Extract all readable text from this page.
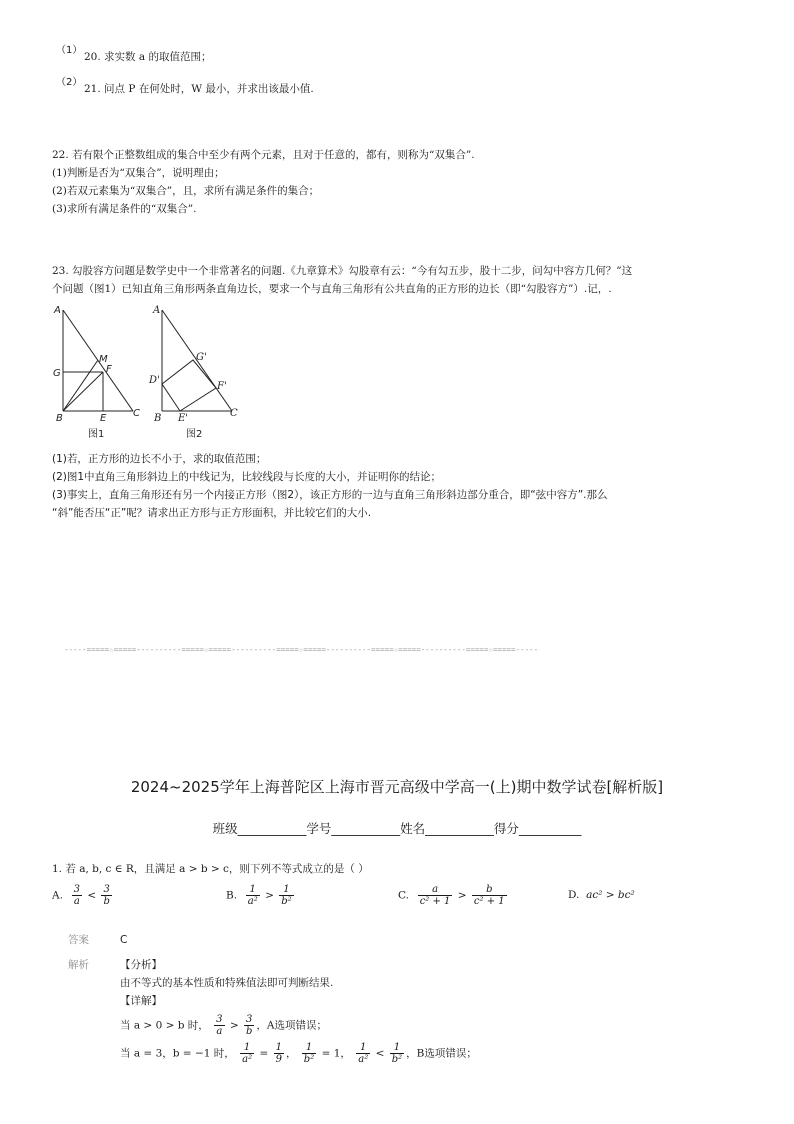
（1）
20. 求实数 a 的取值范围；
（2）
21. 问点 P 在何处时，W 最小，并求出该最小值.
22. 若有限个正整数组成的集合中至少有两个元素，且对于任意的，都有，则称为“双集合”.
(1)判断是否为“双集合”，说明理由；
(2)若双元素集为“双集合”，且，求所有满足条件的集合；
(3)求所有满足条件的“双集合”.
23. 勾股容方问题是数学史中一个非常著名的问题.《九章算术》勾股章有云：“今有勾五步，股十二步，问勾中容方几何？”这
个问题（图1）已知直角三角形两条直角边长，要求一个与直角三角形有公共直角的正方形的边长（即“勾股容方”）.记，.
A
M
F
G
B	E	C
图1
A
G'
D'
F'
B E'	C
图2
(1)若，正方形的边长不小于，求的取值范围；
(2)图1中直角三角形斜边上的中线记为，比较线段与长度的大小，并证明你的结论；
(3)事实上，直角三角形还有另一个内接正方形（图2），该正方形的一边与直角三角形斜边部分重合，即“弦中容方”.那么
“斜”能否压“正”呢？请求出正方形与正方形面积，并比较它们的大小.
-----=====☆=====----------=====☆=====----------=====☆=====----------=====☆=====----------=====☆=====-----
2024~2025学年上海普陀区上海市晋元高级中学高一(上)期中数学试卷[解析版]
班级___________学号___________姓名___________得分__________
1. 若 a, b, c ∈ R，且满足 a > b > c，则下列不等式成立的是（ ）
A. $\frac{3}{a} < \frac{3}{b}$	B. $\frac{1}{\text{a²}} > \frac{1}{\text{b²}}$	C. $\frac{a}{\text{c² + 1}} > \frac{b}{\text{c² + 1}}$	D. ac² > bc²
答案	C
解析	【分析】
由不等式的基本性质和特殊值法即可判断结果.
【详解】
当 a > 0 > b 时， $\frac{3}{a} > \frac{3}{b}$ ，A选项错误；
当 a = 3，b = −1 时， $\frac{1}{\text{a²}} = \frac{1}{9}$ ， $\frac{1}{\text{b²}} = 1$， $\frac{1}{\text{a²}} < \frac{1}{\text{b²}}$ ，B选项错误；
